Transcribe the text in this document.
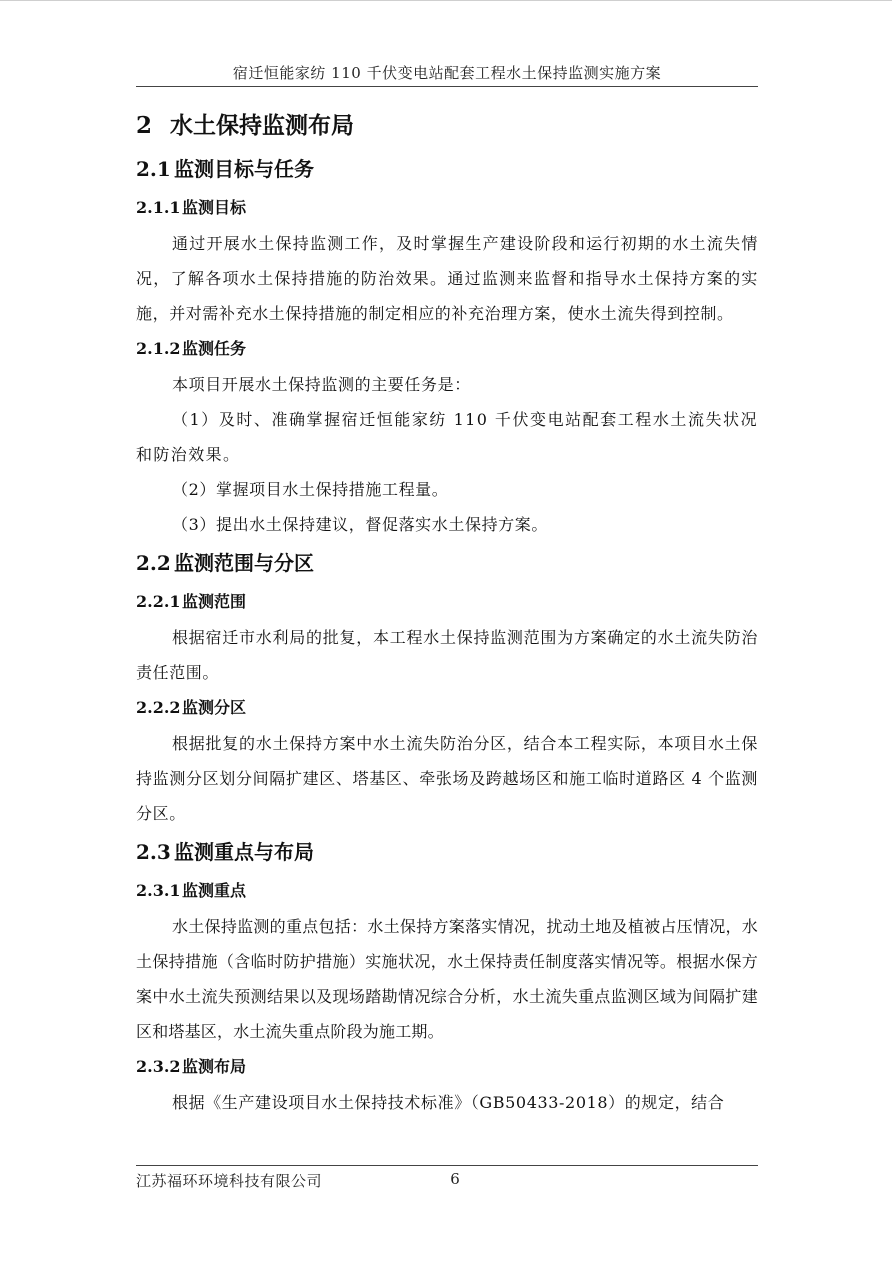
宿迁恒能家纺 110 千伏变电站配套工程水土保持监测实施方案
2 水土保持监测布局
2.1 监测目标与任务
2.1.1监测目标

通过开展水土保持监测工作，及时掌握生产建设阶段和运行初期的水土流失情况，了解各项水土保持措施的防治效果。通过监测来监督和指导水土保持方案的实施，并对需补充水土保持措施的制定相应的补充治理方案，使水土流失得到控制。

2.1.2监测任务

本项目开展水土保持监测的主要任务是：

（1）及时、准确掌握宿迁恒能家纺 110 千伏变电站配套工程水土流失状况和防治效果。

（2）掌握项目水土保持措施工程量。

（3）提出水土保持建议，督促落实水土保持方案。

2.2 监测范围与分区
2.2.1监测范围

根据宿迁市水利局的批复，本工程水土保持监测范围为方案确定的水土流失防治责任范围。

2.2.2监测分区

根据批复的水土保持方案中水土流失防治分区，结合本工程实际，本项目水土保持监测分区划分间隔扩建区、塔基区、牵张场及跨越场区和施工临时道路区 4 个监测分区。

2.3 监测重点与布局
2.3.1监测重点

水土保持监测的重点包括：水土保持方案落实情况，扰动土地及植被占压情况，水土保持措施（含临时防护措施）实施状况，水土保持责任制度落实情况等。根据水保方案中水土流失预测结果以及现场踏勘情况综合分析，水土流失重点监测区域为间隔扩建区和塔基区，水土流失重点阶段为施工期。

2.3.2监测布局

根据《生产建设项目水土保持技术标准》（GB50433-2018）的规定，结合

江苏福环环境科技有限公司	6
